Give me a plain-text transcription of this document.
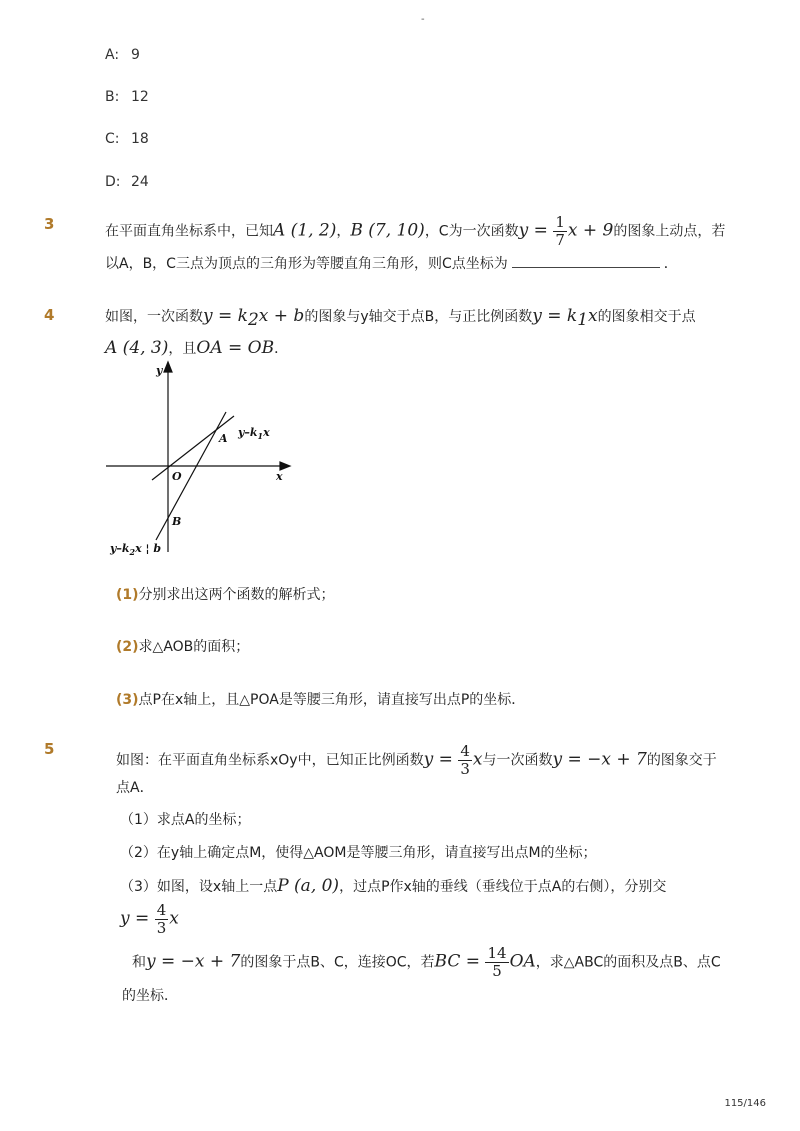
-
A: 9
B: 12
C: 18
D: 24
3	在平面直角坐标系中，已知A (1, 2)，B (7, 10)，C为一次函数$y = \frac{1}{7}$ x + 9的图象上动点，若
以A，B，C三点为顶点的三角形为等腰直角三角形，则C点坐标为	．
4	如图，一次函数$y = k_2x + b$的图象与y轴交于点B，与正比例函数$y = k_1x$的图象相交于点
A (4, 3)，且OA = OB．
y
x
O
A
B
$y-k_1x$
$y-k_2x$ ¦ b
(1)分别求出这两个函数的解析式；
(2)求△AOB的面积；
(3)点P在x轴上，且△POA是等腰三角形，请直接写出点P的坐标．
5
如图：在平面直角坐标系xOy中，已知正比例函数$y = \frac{4}{3}$ x与一次函数y = −x + 7的图象交于
点A．
（1）求点A的坐标；
（2）在y轴上确定点M，使得△AOM是等腰三角形，请直接写出点M的坐标；
（3）如图，设x轴上一点P (a, 0)，过点P作x轴的垂线（垂线位于点A的右侧），分别交
$y = \frac{4}{3}$ x
和y = −x + 7的图象于点B、C，连接OC，若BC = $\frac{14}{5}$ OA，求△ABC的面积及点B、点C
的坐标．
115/146
